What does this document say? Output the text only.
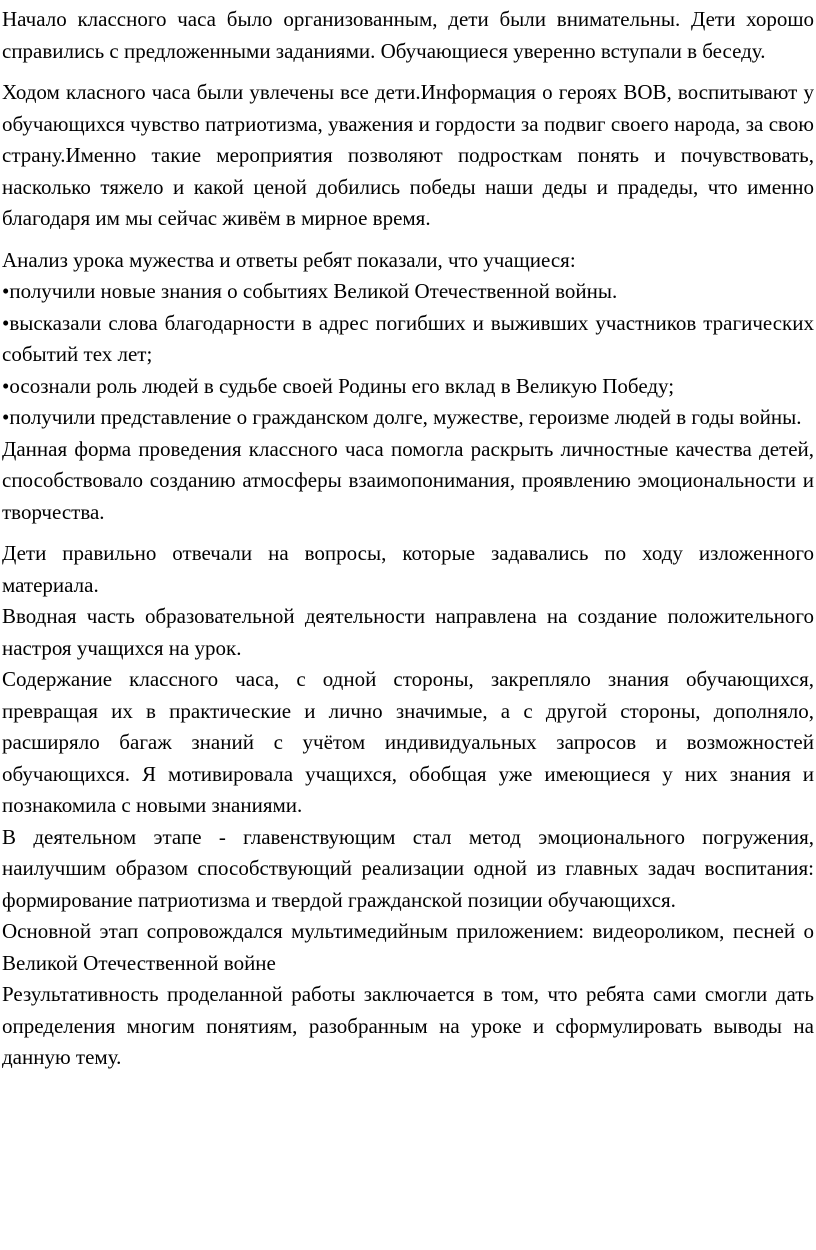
Начало классного часа было организованным, дети были внимательны. Дети хорошо справились с предложенными заданиями. Обучающиеся уверенно вступали в беседу.

Ходом класного часа были увлечены все дети.Информация о героях ВОВ, воспитывают у обучающихся чувство патриотизма, уважения и гордости за подвиг своего народа, за свою страну.Именно такие мероприятия позволяют подросткам понять и почувствовать, насколько тяжело и какой ценой добились победы наши деды и прадеды, что именно благодаря им мы сейчас живём в мирное время.

Анализ урока мужества и ответы ребят показали, что учащиеся:

•получили новые знания о событиях Великой Отечественной войны.

•высказали слова благодарности в адрес погибших и выживших участников трагических событий тех лет;

•осознали роль людей в судьбе своей Родины его вклад в Великую Победу;

•получили представление о гражданском долге, мужестве, героизме людей в годы войны.

Данная форма проведения классного часа помогла раскрыть личностные качества детей, способствовало созданию атмосферы взаимопонимания, проявлению эмоциональности и творчества.

Дети правильно отвечали на вопросы, которые задавались по ходу изложенного материала.

Вводная часть образовательной деятельности направлена на создание положительного настроя учащихся на урок.

Содержание классного часа, с одной стороны, закрепляло знания обучающихся, превращая их в практические и лично значимые, а с другой стороны, дополняло, расширяло багаж знаний с учётом индивидуальных запросов и возможностей обучающихся. Я мотивировала учащихся, обобщая уже имеющиеся у них знания и познакомила с новыми знаниями.

В деятельном этапе - главенствующим стал метод эмоционального погружения, наилучшим образом способствующий реализации одной из главных задач воспитания: формирование патриотизма и твердой гражданской позиции обучающихся.

Основной этап сопровождался мультимедийным приложением: видеороликом, песней о Великой Отечественной войне

Результативность проделанной работы заключается в том, что ребята сами смогли дать определения многим понятиям, разобранным на уроке и сформулировать выводы на данную тему.
